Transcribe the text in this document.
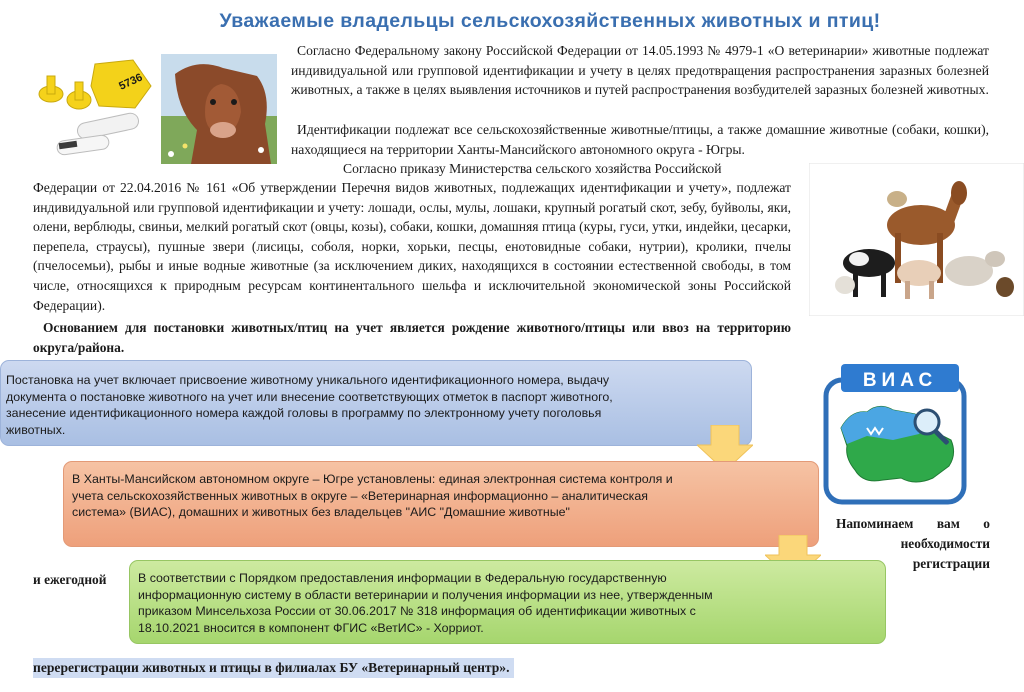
Уважаемые владельцы сельскохозяйственных животных и птиц!
5736
Согласно Федеральному закону Российской Федерации от 14.05.1993 № 4979-1 «О ветеринарии» животные подлежат индивидуальной или групповой идентификации и учету в целях предотвращения распространения заразных болезней животных, а также в целях выявления источников и путей распространения возбудителей заразных болезней животных.
Идентификации подлежат все сельскохозяйственные животные/птицы, а также домашние животные (собаки, кошки), находящиеся на территории Ханты-Мансийского автономного округа - Югры.
Согласно приказу Министерства сельского хозяйства Российской
Федерации от 22.04.2016 № 161 «Об утверждении Перечня видов животных, подлежащих идентификации и учету», подлежат индивидуальной или групповой идентификации и учету: лошади, ослы, мулы, лошаки, крупный рогатый скот, зебу, буйволы, яки, олени, верблюды, свиньи, мелкий рогатый скот (овцы, козы), собаки, кошки, домашняя птица (куры, гуси, утки, индейки, цесарки, перепела, страусы), пушные звери (лисицы, соболя, норки, хорьки, песцы, енотовидные собаки, нутрии), кролики, пчелы (пчелосемьи), рыбы и иные водные животные (за исключением диких, находящихся в состоянии естественной свободы, в том числе, относящихся к природным ресурсам континентального шельфа и исключительной экономической зоны Российской Федерации).
Основанием для постановки животных/птиц на учет является рождение животного/птицы или ввоз на территорию округа/района.
Постановка на учет включает присвоение животному уникального идентификационного номера, выдачу документа о постановке животного на учет или внесение соответствующих отметок в паспорт животного, занесение идентификационного номера каждой головы в программу по электронному учету поголовья животных.
В Ханты-Мансийском автономном округе – Югре установлены: единая электронная система контроля и учета сельскохозяйственных животных в округе – «Ветеринарная информационно – аналитическая система» (ВИАС), домашних и животных без владельцев "АИС "Домашние животные"
В соответствии с Порядком предоставления информации в Федеральную государственную информационную систему в области ветеринарии и получения информации из нее, утвержденным приказом Минсельхоза России от 30.06.2017 № 318 информация об идентификации животных с 18.10.2021 вносится в компонент ФГИС «ВетИС» - Хорриот.
ВИАС
Напоминаем вам о
необходимости
регистрации
и ежегодной
перерегистрации животных и птицы в филиалах БУ «Ветеринарный центр».
